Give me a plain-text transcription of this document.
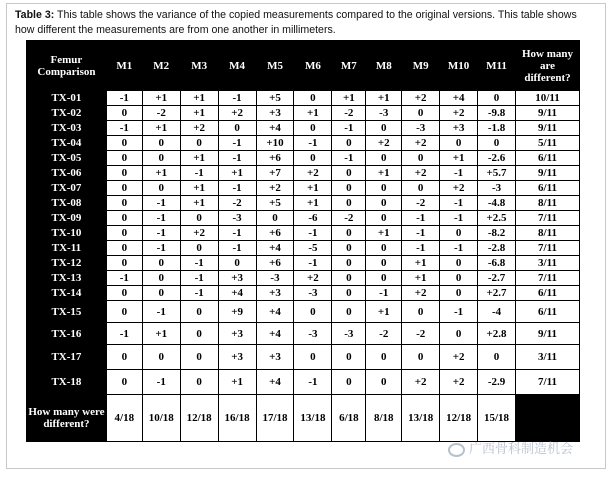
Table 3: This table shows the variance of the copied measurements compared to the original versions. This table shows how different the measurements are from one another in millimeters.
Femur Comparison	M1	M2	M3	M4	M5	M6	M7	M8	M9	M10	M11	How many are different?
TX-01	-1	+1	+1	-1	+5	0	+1	+1	+2	+4	0	10/11
TX-02	0	-2	+1	+2	+3	+1	-2	-3	0	+2	-9.8	9/11
TX-03	-1	+1	+2	0	+4	0	-1	0	-3	+3	-1.8	9/11
TX-04	0	0	0	-1	+10	-1	0	+2	+2	0	0	5/11
TX-05	0	0	+1	-1	+6	0	-1	0	0	+1	-2.6	6/11
TX-06	0	+1	-1	+1	+7	+2	0	+1	+2	-1	+5.7	9/11
TX-07	0	0	+1	-1	+2	+1	0	0	0	+2	-3	6/11
TX-08	0	-1	+1	-2	+5	+1	0	0	-2	-1	-4.8	8/11
TX-09	0	-1	0	-3	0	-6	-2	0	-1	-1	+2.5	7/11
TX-10	0	-1	+2	-1	+6	-1	0	+1	-1	0	-8.2	8/11
TX-11	0	-1	0	-1	+4	-5	0	0	-1	-1	-2.8	7/11
TX-12	0	0	-1	0	+6	-1	0	0	+1	0	-6.8	3/11
TX-13	-1	0	-1	+3	-3	+2	0	0	+1	0	-2.7	7/11
TX-14	0	0	-1	+4	+3	-3	0	-1	+2	0	+2.7	6/11
TX-15	0	-1	0	+9	+4	0	0	+1	0	-1	-4	6/11
TX-16	-1	+1	0	+3	+4	-3	-3	-2	-2	0	+2.8	9/11
TX-17	0	0	0	+3	+3	0	0	0	0	+2	0	3/11
TX-18	0	-1	0	+1	+4	-1	0	0	+2	+2	-2.9	7/11
How many were different?	4/18	10/18	12/18	16/18	17/18	13/18	6/18	8/18	13/18	12/18	15/18	
广西骨科制造机会
